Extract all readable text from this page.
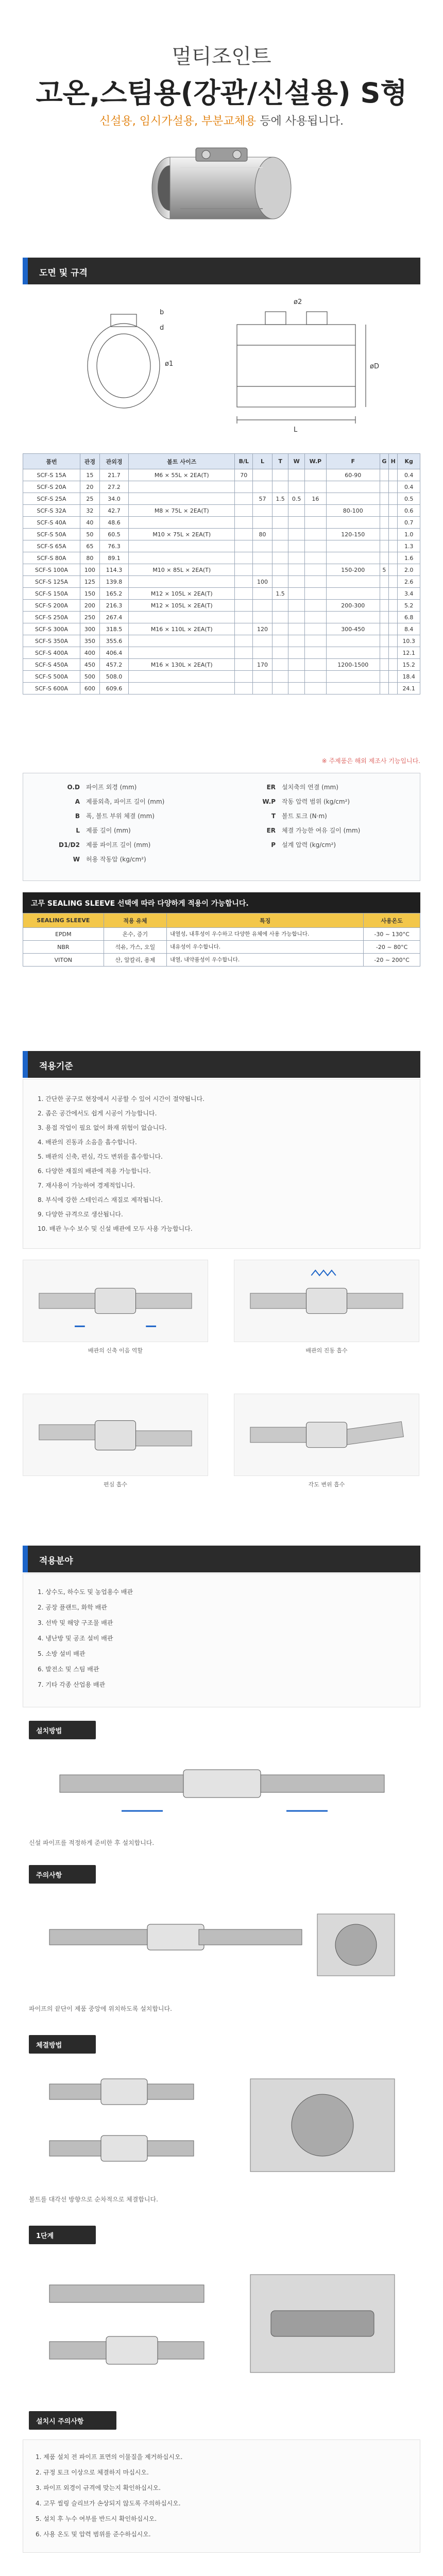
멀티조인트
고온,스팀용(강관/신설용) S형
신설용, 임시가설용, 부분교체용 등에 사용됩니다.
도면 및 규격
b
d
ø1
ø2
øD
L
품번	관경	관외경	볼트 사이즈	B/L	L	T	W	W.P	F	G	H	Kg
SCF-S 15A	15	21.7	M6 × 55L × 2EA(T)	70					60-90			0.4
SCF-S 20A	20	27.2										0.4
SCF-S 25A	25	34.0			57	1.5	0.5	16				0.5
SCF-S 32A	32	42.7	M8 × 75L × 2EA(T)						80-100			0.6
SCF-S 40A	40	48.6										0.7
SCF-S 50A	50	60.5	M10 × 75L × 2EA(T)		80				120-150			1.0
SCF-S 65A	65	76.3										1.3
SCF-S 80A	80	89.1										1.6
SCF-S 100A	100	114.3	M10 × 85L × 2EA(T)						150-200	5		2.0
SCF-S 125A	125	139.8			100							2.6
SCF-S 150A	150	165.2	M12 × 105L × 2EA(T)			1.5						3.4
SCF-S 200A	200	216.3	M12 × 105L × 2EA(T)						200-300			5.2
SCF-S 250A	250	267.4										6.8
SCF-S 300A	300	318.5	M16 × 110L × 2EA(T)		120				300-450			8.4
SCF-S 350A	350	355.6										10.3
SCF-S 400A	400	406.4										12.1
SCF-S 450A	450	457.2	M16 × 130L × 2EA(T)		170				1200-1500			15.2
SCF-S 500A	500	508.0										18.4
SCF-S 600A	600	609.6										24.1
※ 주제품은 해외 제조사 기능입니다.
O.D 파이프 외경 (mm)
A 제품외측, 파이프 길이 (mm)
B 폭, 볼트 부위 체결 (mm)
L 제품 길이 (mm)
D1/D2 제품 파이프 길이 (mm)
W 허용 작동압 (kg/cm²)
ER 설치축의 연결 (mm)
W.P 작동 압력 범위 (kg/cm²)
T 볼트 토크 (N·m)
ER 체결 가능한 여유 길이 (mm)
P 설계 압력 (kg/cm²)
고무 SEALING SLEEVE 선택에 따라 다양하게 적용이 가능합니다.
SEALING SLEEVE	적용 유체	특징	사용온도
EPDM	온수, 증기	내열성, 내후성이 우수하고 다양한 유체에 사용 가능합니다.	-30 ~ 130°C
NBR	석유, 가스, 오일	내유성이 우수합니다.	-20 ~ 80°C
VITON	산, 알칼리, 용제	내열, 내약품성이 우수합니다.	-20 ~ 200°C
적용기준
1. 간단한 공구로 현장에서 시공할 수 있어 시간이 절약됩니다.
2. 좁은 공간에서도 쉽게 시공이 가능합니다.
3. 용접 작업이 필요 없어 화재 위험이 없습니다.
4. 배관의 진동과 소음을 흡수합니다.
5. 배관의 신축, 편심, 각도 변위를 흡수합니다.
6. 다양한 재질의 배관에 적용 가능합니다.
7. 재사용이 가능하여 경제적입니다.
8. 부식에 강한 스테인리스 재질로 제작됩니다.
9. 다양한 규격으로 생산됩니다.
10. 배관 누수 보수 및 신설 배관에 모두 사용 가능합니다.
배관의 신축 이음 역할	배관의 진동 흡수
편심 흡수	각도 변위 흡수
적용분야
1. 상수도, 하수도 및 농업용수 배관
2. 공장 플랜트, 화학 배관
3. 선박 및 해양 구조물 배관
4. 냉난방 및 공조 설비 배관
5. 소방 설비 배관
6. 발전소 및 스팀 배관
7. 기타 각종 산업용 배관
설치방법
신설 파이프를 적정하게 준비한 후 설치합니다.
주의사항
파이프의 끝단이 제품 중앙에 위치하도록 설치합니다.
체결방법
볼트를 대각선 방향으로 순차적으로 체결합니다.
1단계
설치시 주의사항
1. 제품 설치 전 파이프 표면의 이물질을 제거하십시오.
2. 규정 토크 이상으로 체결하지 마십시오.
3. 파이프 외경이 규격에 맞는지 확인하십시오.
4. 고무 씰링 슬리브가 손상되지 않도록 주의하십시오.
5. 설치 후 누수 여부를 반드시 확인하십시오.
6. 사용 온도 및 압력 범위를 준수하십시오.
